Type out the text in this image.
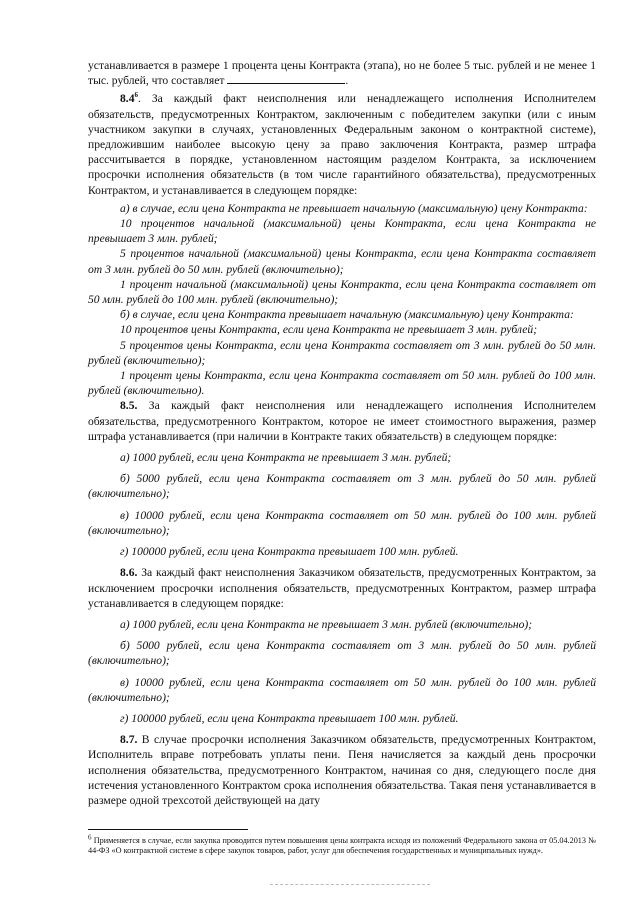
устанавливается в размере 1 процента цены Контракта (этапа), но не более 5 тыс. рублей и не менее 1 тыс. рублей, что составляет	.

$8.4^6$. За каждый факт неисполнения или ненадлежащего исполнения Исполнителем обязательств, предусмотренных Контрактом, заключенным с победителем закупки (или с иным участником закупки в случаях, установленных Федеральным законом о контрактной системе), предложившим наиболее высокую цену за право заключения Контракта, размер штрафа рассчитывается в порядке, установленном настоящим разделом Контракта, за исключением просрочки исполнения обязательств (в том числе гарантийного обязательства), предусмотренных Контрактом, и устанавливается в следующем порядке:

а) в случае, если цена Контракта не превышает начальную (максимальную) цену Контракта:

10 процентов начальной (максимальной) цены Контракта, если цена Контракта не превышает 3 млн. рублей;

5 процентов начальной (максимальной) цены Контракта, если цена Контракта составляет от 3 млн. рублей до 50 млн. рублей (включительно);

1 процент начальной (максимальной) цены Контракта, если цена Контракта составляет от 50 млн. рублей до 100 млн. рублей (включительно);

б) в случае, если цена Контракта превышает начальную (максимальную) цену Контракта:

10 процентов цены Контракта, если цена Контракта не превышает 3 млн. рублей;

5 процентов цены Контракта, если цена Контракта составляет от 3 млн. рублей до 50 млн. рублей (включительно);

1 процент цены Контракта, если цена Контракта составляет от 50 млн. рублей до 100 млн. рублей (включительно).

8.5. За каждый факт неисполнения или ненадлежащего исполнения Исполнителем обязательства, предусмотренного Контрактом, которое не имеет стоимостного выражения, размер штрафа устанавливается (при наличии в Контракте таких обязательств) в следующем порядке:

а) 1000 рублей, если цена Контракта не превышает 3 млн. рублей;

б) 5000 рублей, если цена Контракта составляет от 3 млн. рублей до 50 млн. рублей (включительно);

в) 10000 рублей, если цена Контракта составляет от 50 млн. рублей до 100 млн. рублей (включительно);

г) 100000 рублей, если цена Контракта превышает 100 млн. рублей.

8.6. За каждый факт неисполнения Заказчиком обязательств, предусмотренных Контрактом, за исключением просрочки исполнения обязательств, предусмотренных Контрактом, размер штрафа устанавливается в следующем порядке:

а) 1000 рублей, если цена Контракта не превышает 3 млн. рублей (включительно);

б) 5000 рублей, если цена Контракта составляет от 3 млн. рублей до 50 млн. рублей (включительно);

в) 10000 рублей, если цена Контракта составляет от 50 млн. рублей до 100 млн. рублей (включительно);

г) 100000 рублей, если цена Контракта превышает 100 млн. рублей.

8.7. В случае просрочки исполнения Заказчиком обязательств, предусмотренных Контрактом, Исполнитель вправе потребовать уплаты пени. Пеня начисляется за каждый день просрочки исполнения обязательства, предусмотренного Контрактом, начиная со дня, следующего после дня истечения установленного Контрактом срока исполнения обязательства. Такая пеня устанавливается в размере одной трехсотой действующей на дату

$^6$ Применяется в случае, если закупка проводится путем повышения цены контракта исходя из положений Федерального закона от 05.04.2013 № 44-ФЗ «О контрактной системе в сфере закупок товаров, работ, услуг для обеспечения государственных и муниципальных нужд».
